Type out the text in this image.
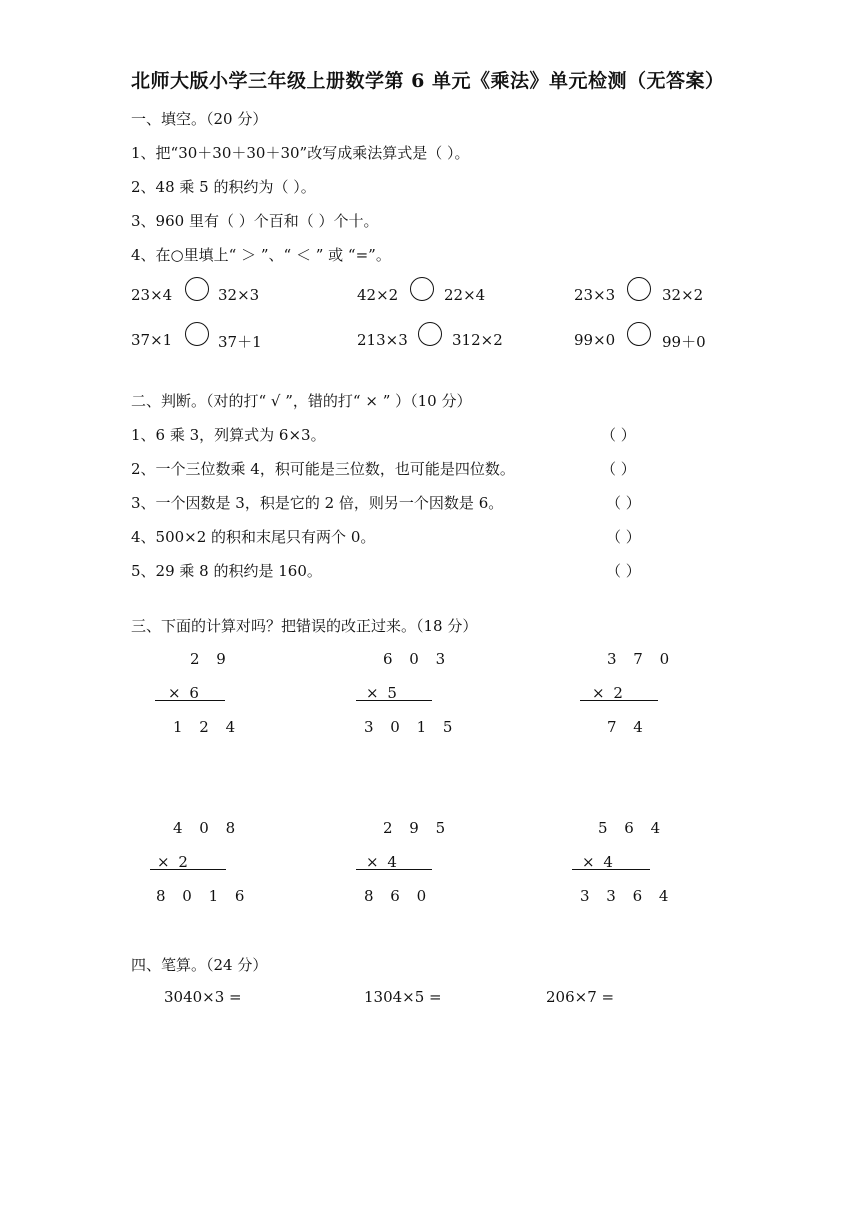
北师大版小学三年级上册数学第 6 单元《乘法》单元检测（无答案）
一、填空。（20 分）
1、把“30＋30＋30＋30”改写成乘法算式是（ ）。
2、48 乘 5 的积约为（ ）。
3、960 里有（ ）个百和（ ）个十。
4、在○里填上“ ＞ ”、“ ＜ ” 或 “=”。
23×4	32×3	42×2	22×4	23×3	32×2
37×1	37＋1	213×3	312×2	99×0	99＋0
二、判断。（对的打“ √ ”，错的打“ × ” ）（10 分）
1、6 乘 3，列算式为 6×3。	（ ）
2、一个三位数乘 4，积可能是三位数，也可能是四位数。	（ ）
3、一个因数是 3，积是它的 2 倍，则另一个因数是 6。	（ ）
4、500×2 的积和末尾只有两个 0。	（ ）
5、29 乘 8 的积约是 160。	（ ）
三、下面的计算对吗？把错误的改正过来。（18 分）
2 9
× 6
1 2 4
6 0 3
× 5
3 0 1 5
3 7 0
× 2
7 4
4 0 8
× 2
8 0 1 6
2 9 5
× 4
8 6 0
5 6 4
× 4
3 3 6 4
四、笔算。（24 分）
3040×3 =	1304×5 =	206×7 =
